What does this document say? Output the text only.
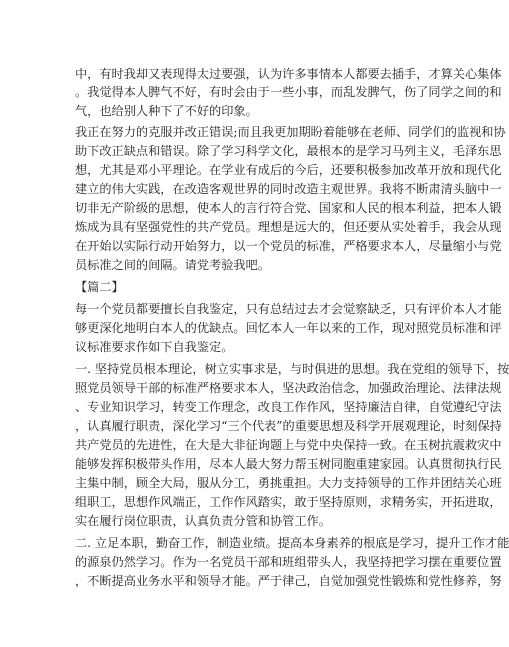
中，有时我却又表现得太过要强，认为许多事情本人都要去插手，才算关心集体
。我觉得本人脾气不好，有时会由于一些小事，而乱发脾气，伤了同学之间的和
气，也给别人种下了不好的印象。
我正在努力的克服并改正错误;而且我更加期盼着能够在老师、同学们的监视和协
助下改正缺点和错误。除了学习科学文化，最根本的是学习马列主义，毛泽东思
想，尤其是邓小平理论。在学业有成后的今后，还要积极参加改革开放和现代化
建立的伟大实践，在改造客观世界的同时改造主观世界。我将不断肃清头脑中一
切非无产阶级的思想，使本人的言行符合党、国家和人民的根本利益，把本人锻
炼成为具有坚强党性的共产党员。理想是远大的，但还要从实处着手，我会从现
在开始以实际行动开始努力，以一个党员的标准，严格要求本人，尽量缩小与党
员标准之间的间隔。请党考验我吧。
【篇二】
每一个党员都要擅长自我鉴定，只有总结过去才会觉察缺乏，只有评价本人才能
够更深化地明白本人的优缺点。回忆本人一年以来的工作，现对照党员标准和评
议标准要求作如下自我鉴定。
一. 坚持党员根本理论，树立实事求是，与时俱进的思想。我在党组的领导下，按
照党员领导干部的标准严格要求本人，坚决政治信念，加强政治理论、法律法规
、专业知识学习，转变工作理念，改良工作作风，坚持廉洁自律，自觉遵纪守法
，认真履行职责，深化学习“三个代表”的重要思想及科学开展观理论，时刻保持
共产党员的先进性，在大是大非征询题上与党中央保持一致。在玉树抗震救灾中
能够发挥积极带头作用，尽本人最大努力帮玉树同胞重建家园。认真贯彻执行民
主集中制，顾全大局，服从分工，勇挑重担。大力支持领导的工作并团结关心班
组职工，思想作风端正，工作作风踏实，敢于坚持原则，求精务实，开拓进取，
实在履行岗位职责，认真负责分管和协管工作。
二. 立足本职，勤奋工作，制造业绩。提高本身素养的根底是学习，提升工作才能
的源泉仍然学习。作为一名党员干部和班组带头人，我坚持把学习摆在重要位置
，不断提高业务水平和领导才能。严于律己，自觉加强党性锻炼和党性修养，努
